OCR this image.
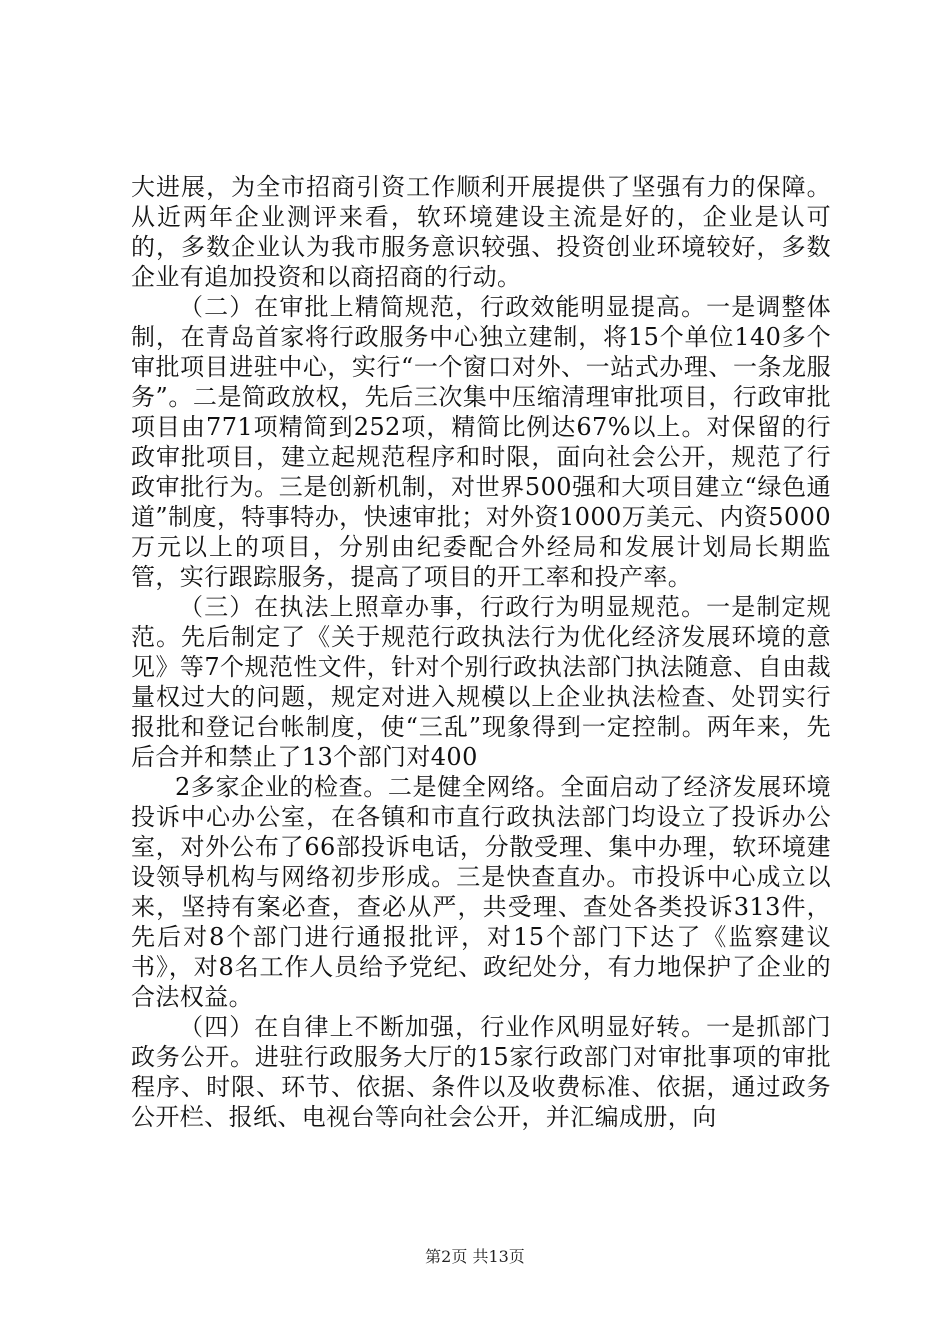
大进展，为全市招商引资工作顺利开展提供了坚强有力的保障。从近两年企业测评来看，软环境建设主流是好的，企业是认可的，多数企业认为我市服务意识较强、投资创业环境较好，多数企业有追加投资和以商招商的行动。

（二）在审批上精简规范，行政效能明显提高。一是调整体制，在青岛首家将行政服务中心独立建制，将15个单位140多个审批项目进驻中心，实行“一个窗口对外、一站式办理、一条龙服务”。二是简政放权，先后三次集中压缩清理审批项目，行政审批项目由771项精简到252项，精简比例达67%以上。对保留的行政审批项目，建立起规范程序和时限，面向社会公开，规范了行政审批行为。三是创新机制，对世界500强和大项目建立“绿色通道”制度，特事特办，快速审批；对外资1000万美元、内资5000万元以上的项目，分别由纪委配合外经局和发展计划局长期监管，实行跟踪服务，提高了项目的开工率和投产率。

（三）在执法上照章办事，行政行为明显规范。一是制定规范。先后制定了《关于规范行政执法行为优化经济发展环境的意见》等7个规范性文件，针对个别行政执法部门执法随意、自由裁量权过大的问题，规定对进入规模以上企业执法检查、处罚实行报批和登记台帐制度，使“三乱”现象得到一定控制。两年来，先后合并和禁止了13个部门对400

2多家企业的检查。二是健全网络。全面启动了经济发展环境投诉中心办公室，在各镇和市直行政执法部门均设立了投诉办公室，对外公布了66部投诉电话，分散受理、集中办理，软环境建设领导机构与网络初步形成。三是快查直办。市投诉中心成立以来，坚持有案必查，查必从严，共受理、查处各类投诉313件，先后对8个部门进行通报批评，对15个部门下达了《监察建议书》，对8名工作人员给予党纪、政纪处分，有力地保护了企业的合法权益。

（四）在自律上不断加强，行业作风明显好转。一是抓部门政务公开。进驻行政服务大厅的15家行政部门对审批事项的审批程序、时限、环节、依据、条件以及收费标准、依据，通过政务公开栏、报纸、电视台等向社会公开，并汇编成册，向

第2页 共13页
